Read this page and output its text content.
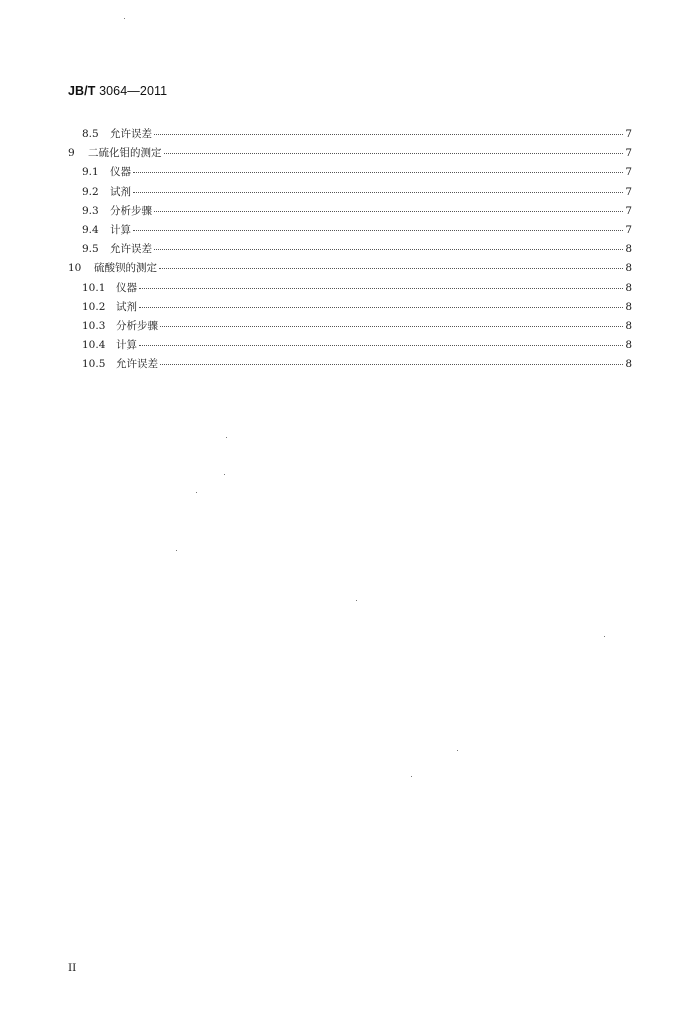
JB/T 3064—2011
8.5	允许误差	7
9	二硫化钼的测定	7
9.1	仪器	7
9.2	试剂	7
9.3	分析步骤	7
9.4	计算	7
9.5	允许误差	8
10	硫酸钡的测定	8
10.1	仪器	8
10.2	试剂	8
10.3	分析步骤	8
10.4	计算	8
10.5	允许误差	8
II
